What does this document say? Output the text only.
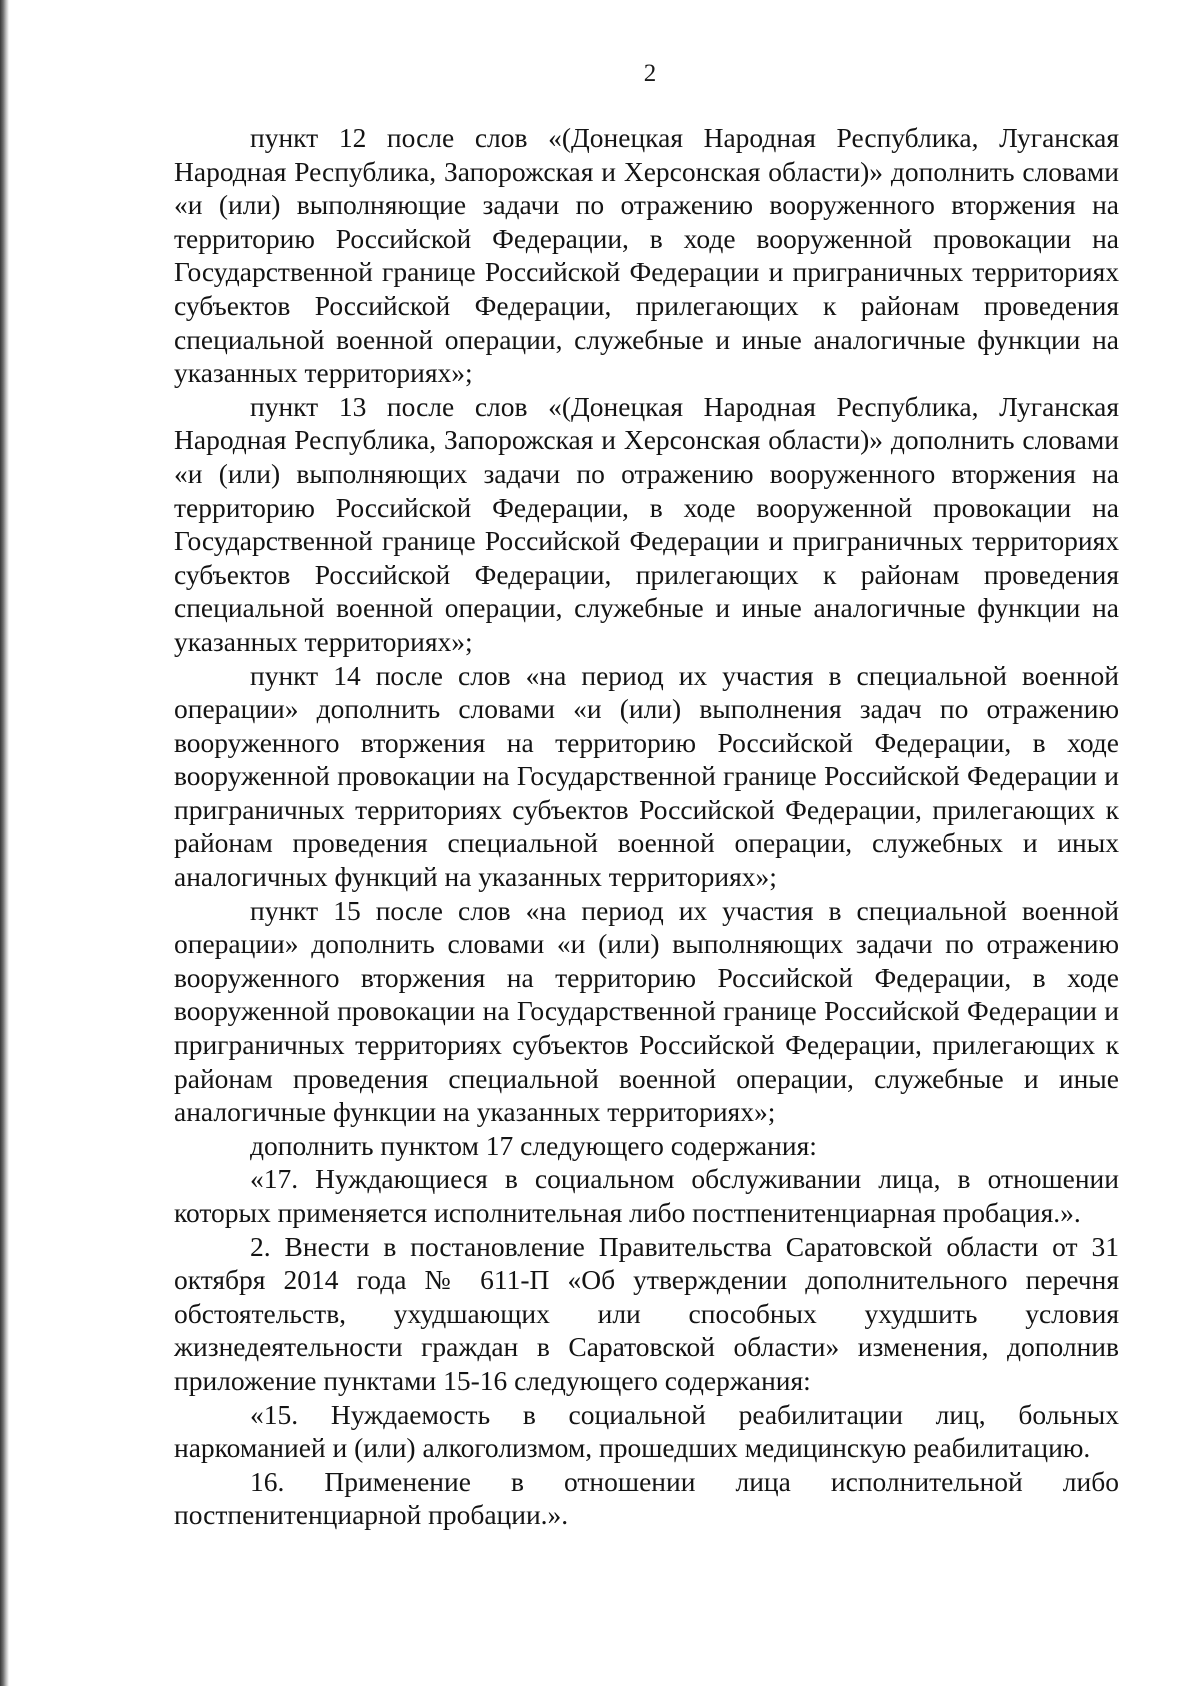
2

пункт 12 после слов «(Донецкая Народная Республика, Луганская Народная Республика, Запорожская и Херсонская области)» дополнить словами «и (или) выполняющие задачи по отражению вооруженного вторжения на территорию Российской Федерации, в ходе вооруженной провокации на Государственной границе Российской Федерации и приграничных территориях субъектов Российской Федерации, прилегающих к районам проведения специальной военной операции, служебные и иные аналогичные функции на указанных территориях»;

пункт 13 после слов «(Донецкая Народная Республика, Луганская Народная Республика, Запорожская и Херсонская области)» дополнить словами «и (или) выполняющих задачи по отражению вооруженного вторжения на территорию Российской Федерации, в ходе вооруженной провокации на Государственной границе Российской Федерации и приграничных территориях субъектов Российской Федерации, прилегающих к районам проведения специальной военной операции, служебные и иные аналогичные функции на указанных территориях»;

пункт 14 после слов «на период их участия в специальной военной операции» дополнить словами «и (или) выполнения задач по отражению вооруженного вторжения на территорию Российской Федерации, в ходе вооруженной провокации на Государственной границе Российской Федерации и приграничных территориях субъектов Российской Федерации, прилегающих к районам проведения специальной военной операции, служебных и иных аналогичных функций на указанных территориях»;

пункт 15 после слов «на период их участия в специальной военной операции» дополнить словами «и (или) выполняющих задачи по отражению вооруженного вторжения на территорию Российской Федерации, в ходе вооруженной провокации на Государственной границе Российской Федерации и приграничных территориях субъектов Российской Федерации, прилегающих к районам проведения специальной военной операции, служебные и иные аналогичные функции на указанных территориях»;

дополнить пунктом 17 следующего содержания:

«17. Нуждающиеся в социальном обслуживании лица, в отношении которых применяется исполнительная либо постпенитенциарная пробация.».

2. Внести в постановление Правительства Саратовской области от 31 октября 2014 года № 611-П «Об утверждении дополнительного перечня обстоятельств, ухудшающих или способных ухудшить условия жизнедеятельности граждан в Саратовской области» изменения, дополнив приложение пунктами 15-16 следующего содержания:

«15. Нуждаемость в социальной реабилитации лиц, больных наркоманией и (или) алкоголизмом, прошедших медицинскую реабилитацию.

16. Применение в отношении лица исполнительной либо постпенитенциарной пробации.».
